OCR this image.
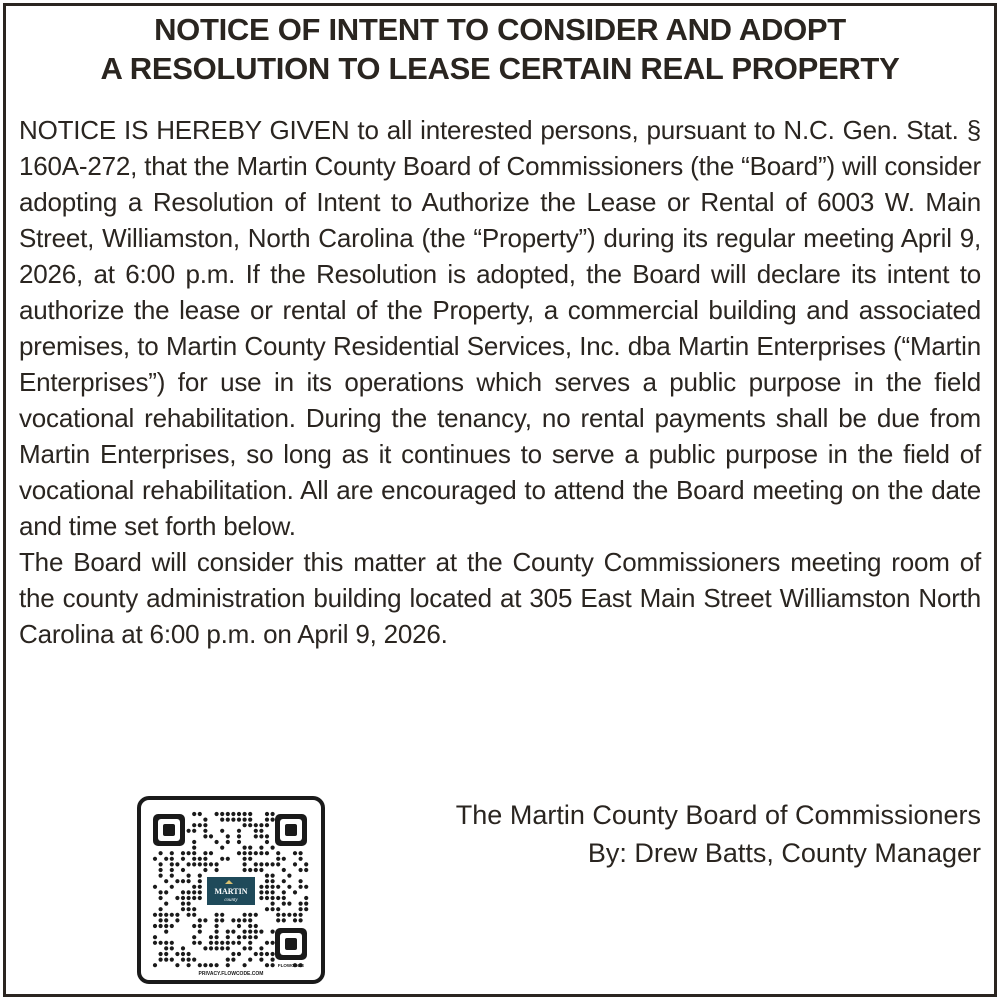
NOTICE OF INTENT TO CONSIDER AND ADOPT
A RESOLUTION TO LEASE CERTAIN REAL PROPERTY

NOTICE IS HEREBY GIVEN to all interested persons, pursuant to N.C. Gen. Stat. § 160A-272, that the Martin County Board of Commissioners (the “Board”) will consider adopting a Resolution of Intent to Authorize the Lease or Rental of 6003 W. Main Street, Williamston, North Carolina (the “Property”) during its regular meeting April 9, 2026, at 6:00 p.m. If the Resolution is adopted, the Board will declare its intent to authorize the lease or rental of the Property, a commercial building and associated premises, to Martin County Residential Services, Inc. dba Martin Enterprises (“Martin Enterprises”) for use in its operations which serves a public purpose in the field vocational rehabilitation. During the tenancy, no rental payments shall be due from Martin Enterprises, so long as it continues to serve a public purpose in the field of vocational rehabilitation. All are encouraged to attend the Board meeting on the date and time set forth below.

The Board will consider this matter at the County Commissioners meeting room of the county administration building located at 305 East Main Street Williamston North Carolina at 6:00 p.m. on April 9, 2026.

MARTIN
county
PRIVACY.FLOWCODE.COM
FLOWCODE
The Martin County Board of Commissioners
By: Drew Batts, County Manager
